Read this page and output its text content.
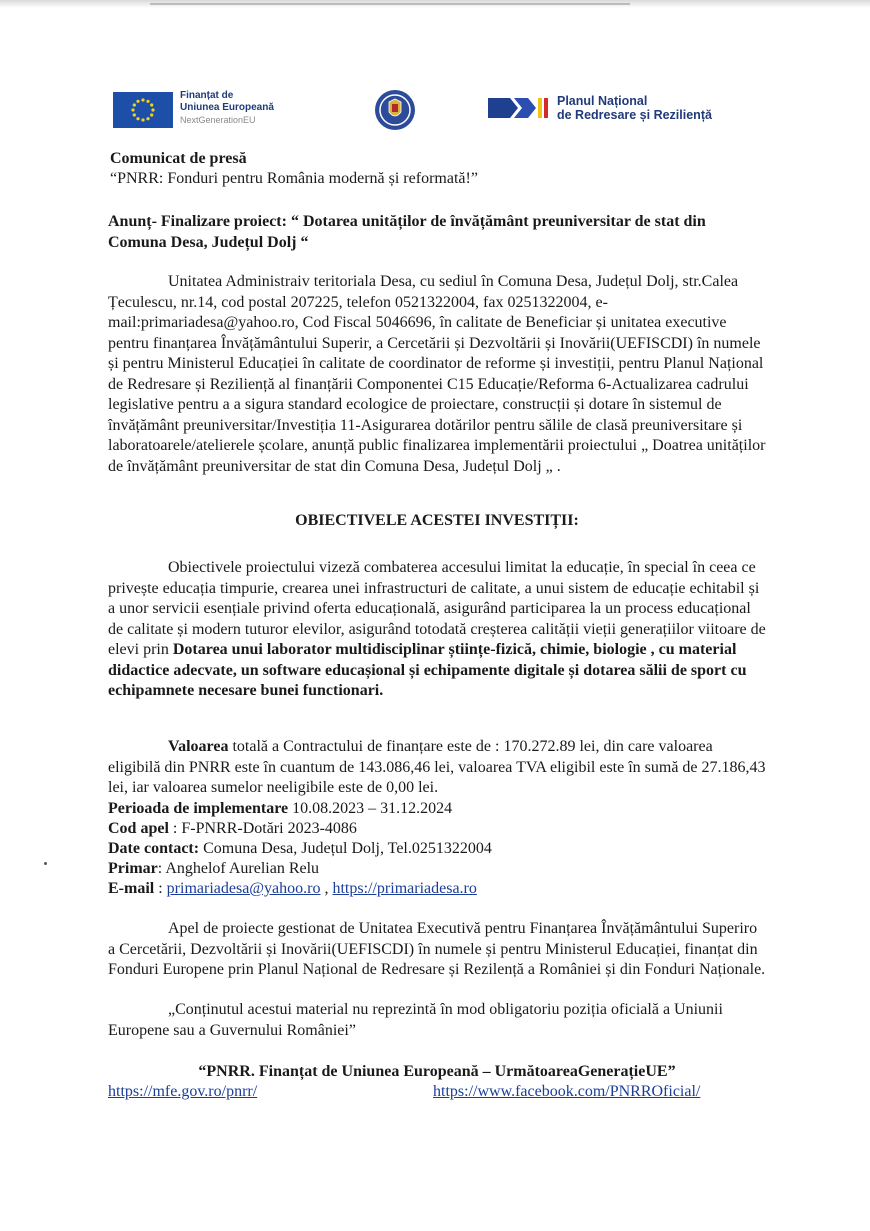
Finanțat de
Uniunea Europeană
NextGenerationEU
Planul Național
de Redresare și Reziliență
Comunicat de presă
“PNRR: Fonduri pentru România modernă și reformată!”
Anunț- Finalizare proiect: “ Dotarea unităților de învățământ preuniversitar de stat din Comuna Desa, Județul Dolj “
Unitatea Administraiv teritoriala Desa, cu sediul în Comuna Desa, Județul Dolj, str.Calea Țeculescu, nr.14, cod postal 207225, telefon 0521322004, fax 0251322004, e-mail:primariadesa@yahoo.ro, Cod Fiscal 5046696, în calitate de Beneficiar și unitatea executive pentru finanțarea Învățământului Superir, a Cercetării și Dezvoltării și Inovării(UEFISCDI) în numele și pentru Ministerul Educației în calitate de coordinator de reforme și investiții, pentru Planul Național de Redresare și Reziliență al finanțării Componentei C15 Educație/Reforma 6-Actualizarea cadrului legislative pentru a a sigura standard ecologice de proiectare, construcții și dotare în sistemul de învățământ preuniversitar/Investiția 11-Asigurarea dotărilor pentru sălile de clasă preuniversitare și laboratoarele/atelierele școlare, anunță public finalizarea implementării proiectului „ Doatrea unităților de învățământ preuniversitar de stat din Comuna Desa, Județul Dolj „ .
OBIECTIVELE ACESTEI INVESTIȚII:
Obiectivele proiectului vizeză combaterea accesului limitat la educație, în special în ceea ce privește educația timpurie, crearea unei infrastructuri de calitate, a unui sistem de educație echitabil și a unor servicii esențiale privind oferta educațională, asigurând participarea la un process educațional de calitate și modern tuturor elevilor, asigurând totodată creșterea calității vieții generațiilor viitoare de elevi prin Dotarea unui laborator multidisciplinar științe-fizică, chimie, biologie , cu material didactice adecvate, un software educașional și echipamente digitale și dotarea sălii de sport cu echipamnete necesare bunei functionari.
Valoarea totală a Contractului de finanțare este de : 170.272.89 lei, din care valoarea eligibilă din PNRR este în cuantum de 143.086,46 lei, valoarea TVA eligibil este în sumă de 27.186,43 lei, iar valoarea sumelor neeligibile este de 0,00 lei.
Perioada de implementare 10.08.2023 – 31.12.2024
Cod apel : F-PNRR-Dotări 2023-4086
Date contact: Comuna Desa, Județul Dolj, Tel.0251322004
Primar: Anghelof Aurelian Relu
E-mail : primariadesa@yahoo.ro , https://primariadesa.ro
Apel de proiecte gestionat de Unitatea Executivă pentru Finanțarea Învățământului Superiro a Cercetării, Dezvoltării și Inovării(UEFISCDI) în numele și pentru Ministerul Educației, finanțat din Fonduri Europene prin Planul Național de Redresare și Rezilență a României și din Fonduri Naționale.
„Conținutul acestui material nu reprezintă în mod obligatoriu poziția oficială a Uniunii Europene sau a Guvernului României”
“PNRR. Finanțat de Uniunea Europeană – UrmătoareaGenerațieUE”
https://mfe.gov.ro/pnrr/	https://www.facebook.com/PNRROficial/
